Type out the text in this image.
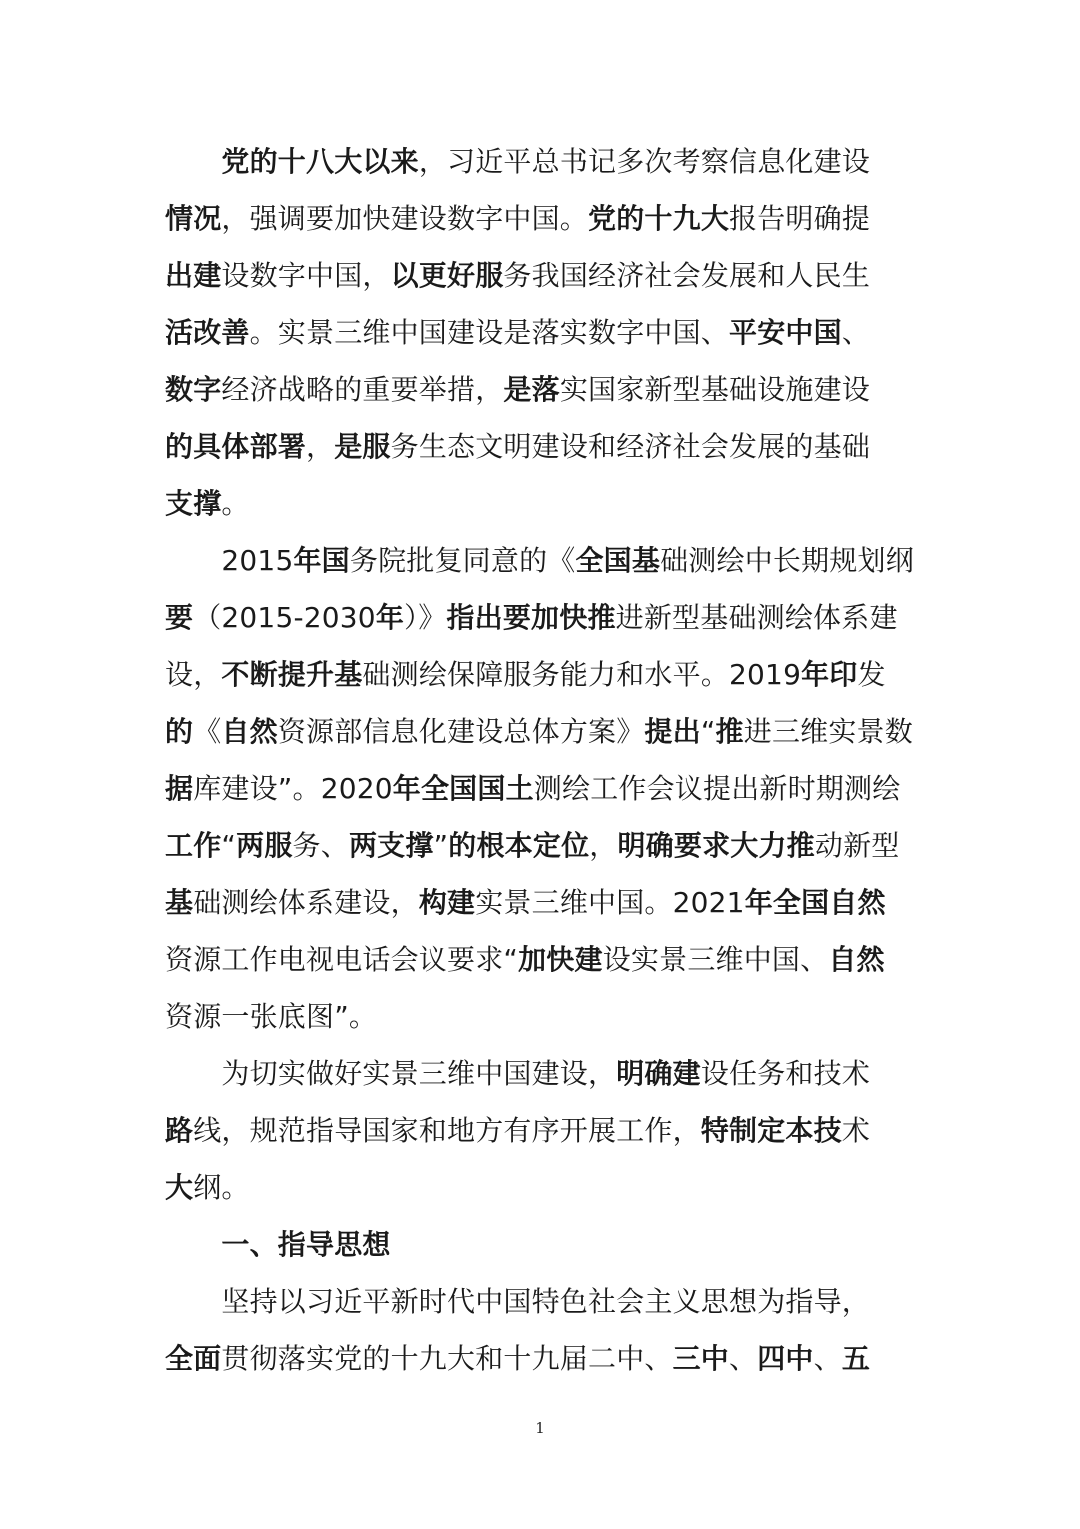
　　党的十八大以来，习近平总书记多次考察信息化建设
情况，强调要加快建设数字中国。党的十九大报告明确提
出建设数字中国，以更好服务我国经济社会发展和人民生
活改善。实景三维中国建设是落实数字中国、平安中国、
数字经济战略的重要举措，是落实国家新型基础设施建设
的具体部署，是服务生态文明建设和经济社会发展的基础
支撑。
　　2015年国务院批复同意的《全国基础测绘中长期规划纲
要（2015-2030年）》指出要加快推进新型基础测绘体系建
设，不断提升基础测绘保障服务能力和水平。2019年印发
的《自然资源部信息化建设总体方案》提出“推进三维实景数
据库建设”。2020年全国国土测绘工作会议提出新时期测绘
工作“两服务、两支撑”的根本定位，明确要求大力推动新型
基础测绘体系建设，构建实景三维中国。2021年全国自然
资源工作电视电话会议要求“加快建设实景三维中国、自然
资源一张底图”。
　　为切实做好实景三维中国建设，明确建设任务和技术
路线，规范指导国家和地方有序开展工作，特制定本技术
大纲。
　　一、指导思想
　　坚持以习近平新时代中国特色社会主义思想为指导，
全面贯彻落实党的十九大和十九届二中、三中、四中、五
1
